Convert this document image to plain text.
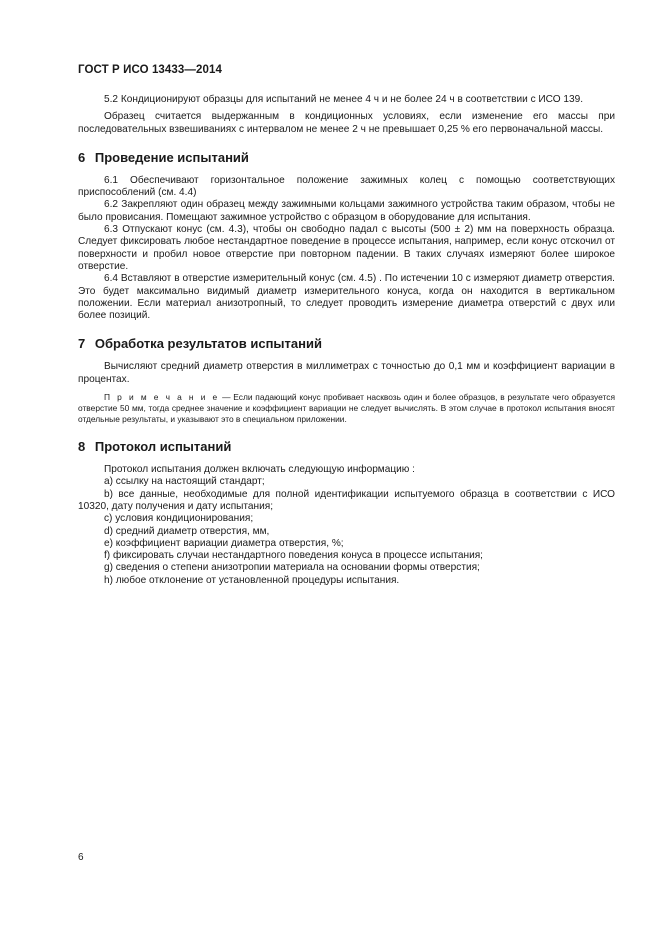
ГОСТ Р ИСО 13433—2014

5.2 Кондиционируют образцы для испытаний не менее 4 ч и не более 24 ч в соответствии с ИСО 139.

Образец считается выдержанным в кондиционных условиях, если изменение его массы при последовательных взвешиваниях с интервалом не менее 2 ч не превышает 0,25 % его первоначальной массы.

6 Проведение испытаний

6.1 Обеспечивают горизонтальное положение зажимных колец с помощью соответствующих приспособлений (см. 4.4)

6.2 Закрепляют один образец между зажимными кольцами зажимного устройства таким образом, чтобы не было провисания. Помещают зажимное устройство с образцом в оборудование для испытания.

6.3 Отпускают конус (см. 4.3), чтобы он свободно падал с высоты (500 ± 2) мм на поверхность образца. Следует фиксировать любое нестандартное поведение в процессе испытания, например, если конус отскочил от поверхности и пробил новое отверстие при повторном падении. В таких случаях измеряют более широкое отверстие.

6.4 Вставляют в отверстие измерительный конус (см. 4.5) . По истечении 10 с измеряют диаметр отверстия. Это будет максимально видимый диаметр измерительного конуса, когда он находится в вертикальном положении. Если материал анизотропный, то следует проводить измерение диаметра отверстий с двух или более позиций.

7 Обработка результатов испытаний

Вычисляют средний диаметр отверстия в миллиметрах с точностью до 0,1 мм и коэффициент вариации в процентах.

П р и м е ч а н и е — Если падающий конус пробивает насквозь один и более образцов, в результате чего образуется отверстие 50 мм, тогда среднее значение и коэффициент вариации не следует вычислять. В этом случае в протокол испытания вносят отдельные результаты, и указывают это в специальном приложении.

8 Протокол испытаний

Протокол испытания должен включать следующую информацию :

a) ссылку на настоящий стандарт;

b) все данные, необходимые для полной идентификации испытуемого образца в соответствии с ИСО 10320, дату получения и дату испытания;

c) условия кондиционирования;

d) средний диаметр отверстия, мм,

e) коэффициент вариации диаметра отверстия, %;

f) фиксировать случаи нестандартного поведения конуса в процессе испытания;

g) сведения о степени анизотропии материала на основании формы отверстия;

h) любое отклонение от установленной процедуры испытания.

6
